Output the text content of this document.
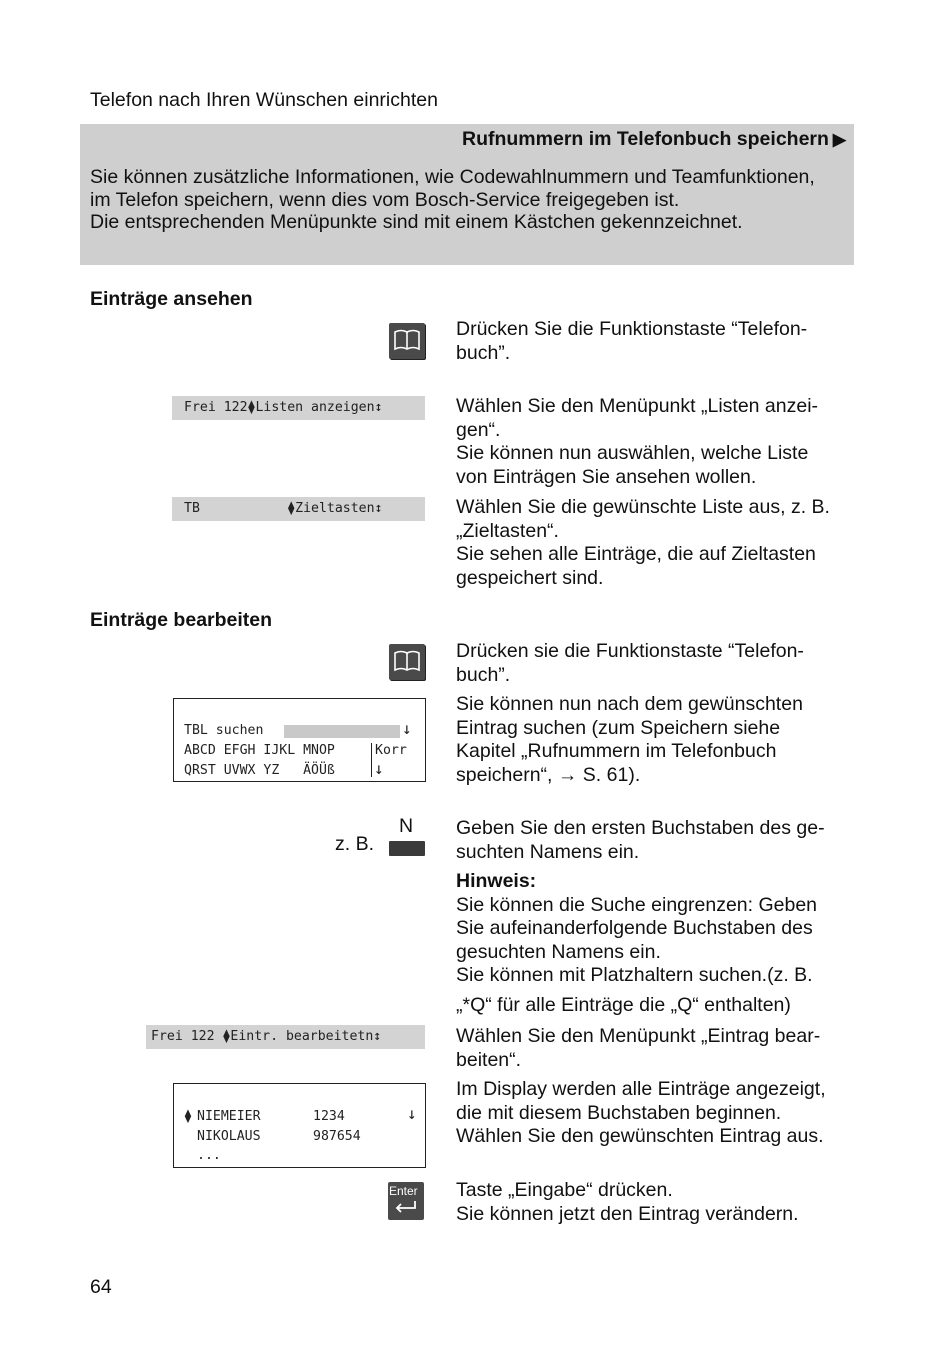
Telefon nach Ihren Wünschen einrichten
Rufnummern im Telefonbuch speichern ▶
Sie können zusätzliche Informationen, wie Codewahlnummern und Teamfunktionen,
im Telefon speichern, wenn dies vom Bosch-Service freigegeben ist.
Die entsprechenden Menüpunkte sind mit einem Kästchen gekennzeichnet.
Einträge ansehen

Drücken Sie die Funktionstaste “Telefon-

buch”.

Frei 122⧫Listen anzeigen↕	Wählen Sie den Menüpunkt „Listen anzei-

gen“.

Sie können nun auswählen, welche Liste

von Einträgen Sie ansehen wollen.

TB           ⧫Zieltasten↕	Wählen Sie die gewünschte Liste aus, z. B.

„Zieltasten“.

Sie sehen alle Einträge, die auf Zieltasten

gespeichert sind.

Einträge bearbeiten

Drücken sie die Funktionstaste “Telefon-

buch”.

TBL suchen	↓
ABCD EFGH IJKL MNOP	Korr
QRST UVWX YZ   ÄÖÜß ↓

Sie können nun nach dem gewünschten

Eintrag suchen (zum Speichern siehe

Kapitel „Rufnummern im Telefonbuch

speichern“, → S. 61).

N
z. B.

Geben Sie den ersten Buchstaben des ge-

suchten Namens ein.

Hinweis:

Sie können die Suche eingrenzen: Geben

Sie aufeinanderfolgende Buchstaben des

gesuchten Namens ein.

Sie können mit Platzhaltern suchen.(z. B.

„*Q“ für alle Einträge die „Q“ enthalten)

Frei 122 ⧫Eintr. bearbeitetn↕	Wählen Sie den Menüpunkt „Eintrag bear-

beiten“.

⧫ NIEMEIER	1234	↓
NIKOLAUS	987654
...

Im Display werden alle Einträge angezeigt,

die mit diesem Buchstaben beginnen.

Wählen Sie den gewünschten Eintrag aus.

Enter Taste „Eingabe“ drücken.

Sie können jetzt den Eintrag verändern.

64
